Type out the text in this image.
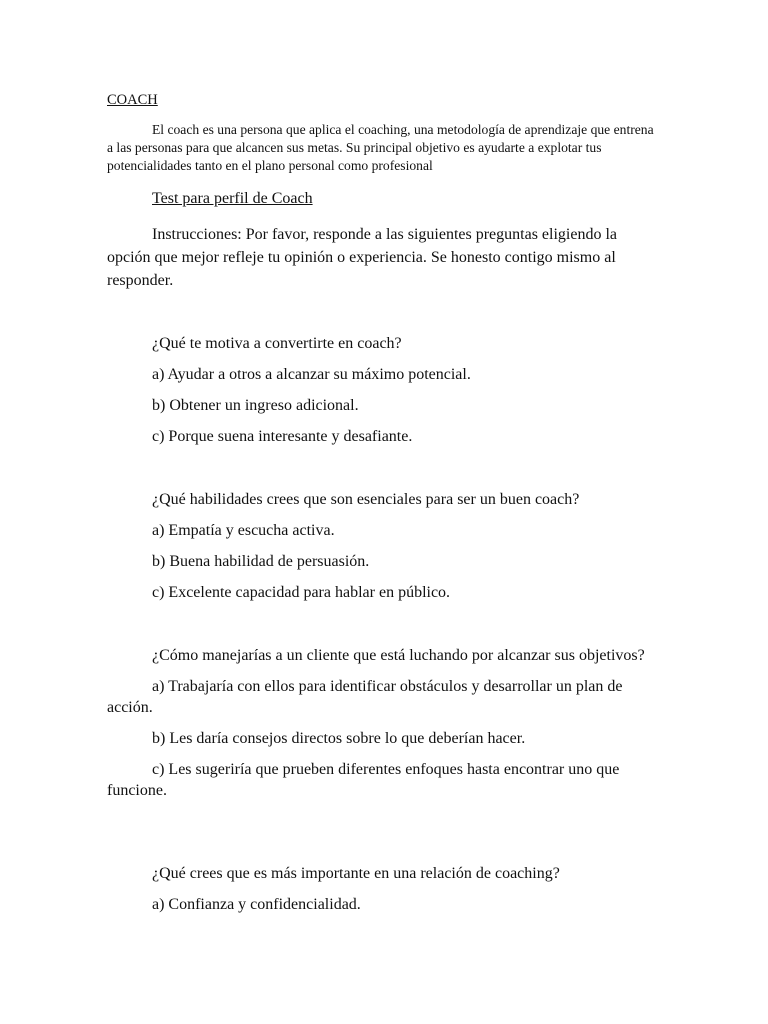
COACH

El coach es una persona que aplica el coaching, una metodología de aprendizaje que entrena a las personas para que alcancen sus metas. Su principal objetivo es ayudarte a explotar tus potencialidades tanto en el plano personal como profesional

Test para perfil de Coach

Instrucciones: Por favor, responde a las siguientes preguntas eligiendo la opción que mejor refleje tu opinión o experiencia. Se honesto contigo mismo al responder.

¿Qué te motiva a convertirte en coach?

a) Ayudar a otros a alcanzar su máximo potencial.

b) Obtener un ingreso adicional.

c) Porque suena interesante y desafiante.

¿Qué habilidades crees que son esenciales para ser un buen coach?

a) Empatía y escucha activa.

b) Buena habilidad de persuasión.

c) Excelente capacidad para hablar en público.

¿Cómo manejarías a un cliente que está luchando por alcanzar sus objetivos?

a) Trabajaría con ellos para identificar obstáculos y desarrollar un plan de acción.

b) Les daría consejos directos sobre lo que deberían hacer.

c) Les sugeriría que prueben diferentes enfoques hasta encontrar uno que funcione.

¿Qué crees que es más importante en una relación de coaching?

a) Confianza y confidencialidad.
